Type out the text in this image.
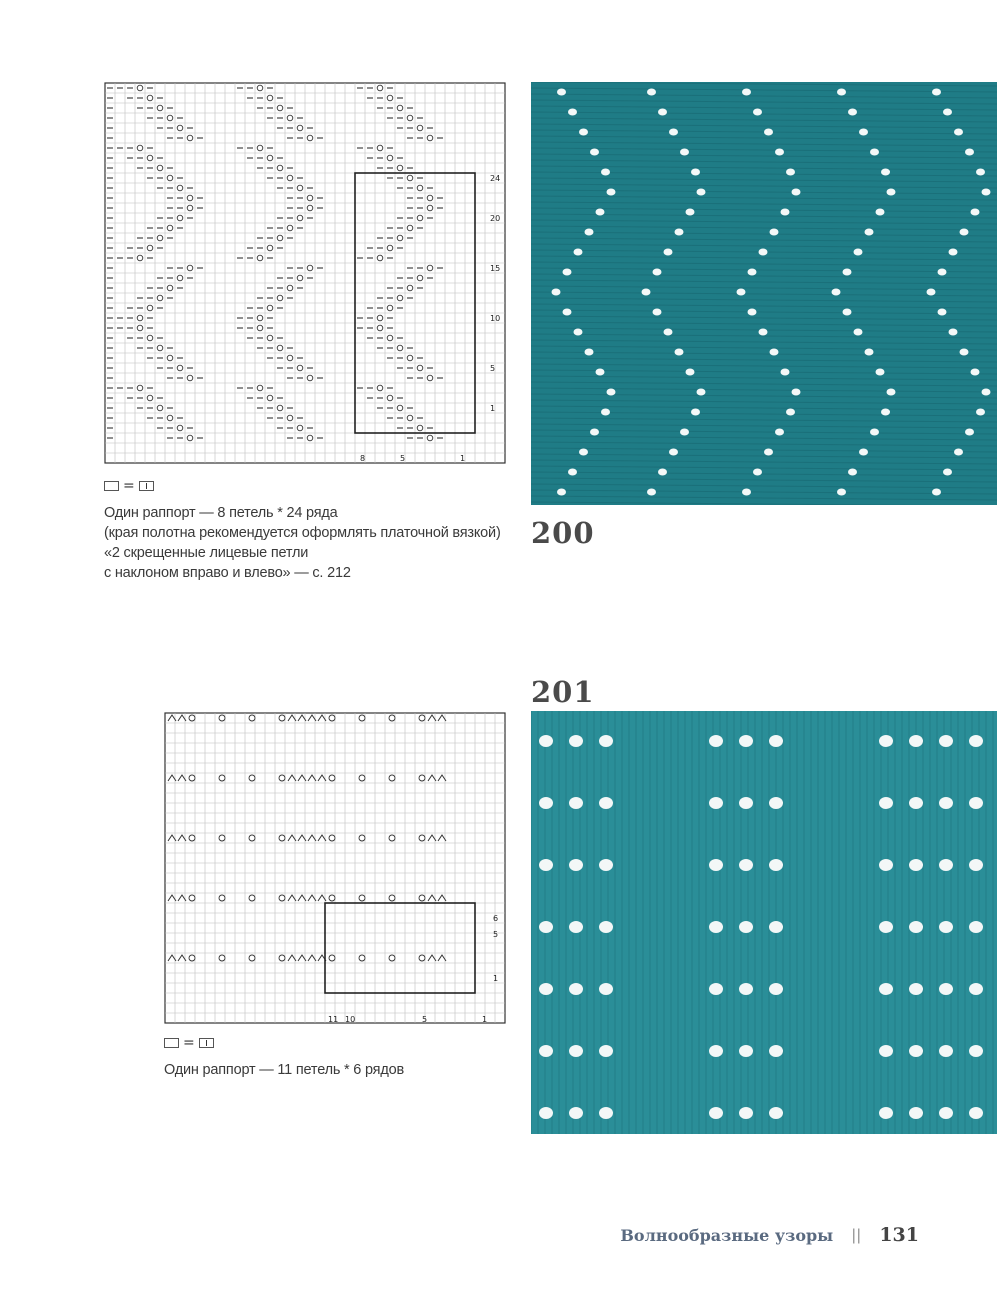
24
20
15
10
5
1
8	5	1
=
Один раппорт — 8 петель * 24 ряда
(края полотна рекомендуется оформлять платочной вязкой)
«2 скрещенные лицевые петли
с наклоном вправо и влево» — с. 212
200
201
6
5
1
11 10	5	1
=
Один раппорт — 11 петель * 6 рядов
Волнообразные узоры || 131
